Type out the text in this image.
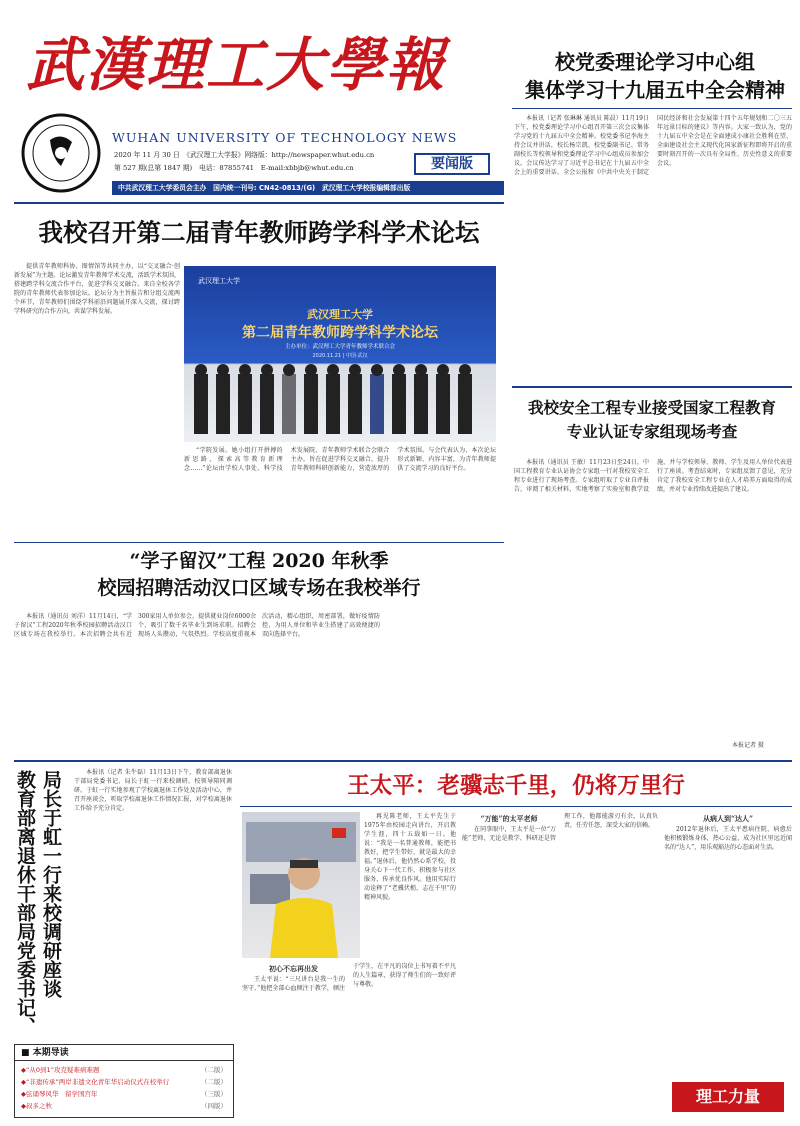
武漢理工大學報
WUHAN UNIVERSITY OF TECHNOLOGY NEWS
2020 年 11 月 30 日　《武汉理工大学报》网络版：http://newspaper.whut.edu.cn
第 527 期(总第 1847 期)　电话：87855741　E-mail:xbbjb@whut.edu.cn	要闻版
中共武汉理工大学委员会主办　国内统一刊号: CN42-0813/(G)　武汉理工大学校报编辑部出版
校党委理论学习中心组
集体学习十九届五中全会精神

本报讯（记者 张琳琳 通讯员 陈晨）11月19日下午，校党委理论学习中心组召开第三次会议集体学习党的十九届五中全会精神。校党委书记李海主持会议并讲话，校长杨宗凯、校党委副书记、常务副校长等校领导和党委理论学习中心组成员参加会议。会议传达学习了习近平总书记在十九届五中全会上的重要讲话、全会公报和《中共中央关于制定国民经济和社会发展第十四个五年规划和二〇三五年远景目标的建议》等内容。大家一致认为，党的十九届五中全会是在全面建成小康社会胜利在望、全面建设社会主义现代化国家新征程即将开启的重要时刻召开的一次具有全局性、历史性意义的重要会议。

我校召开第二届青年教师跨学科学术论坛

提供青年教师科协、图情馆等共同主办，以“交叉融合·创新发展”为主题。论坛激发青年教师学术交流，活跃学术氛围，搭建跨学科交流合作平台，促进学科交叉融合。来自全校各学院的青年教师代表参加论坛。论坛分为主旨报告和分组交流两个环节，青年教师们围绕学科前沿问题展开深入交流，探讨跨学科研究的合作方向，共谋学科发展。

武汉理工大学
武汉理工大学
第二届青年教师跨学科学术论坛
主办单位：武汉理工大学青年教师学术联合会
2020.11.21 | 中国·武汉

“学院发展。她小组打开拼搏的新思路，探索高等教育新理念……”论坛由学校人事处、科学技术发展院、青年教师学术联合会联合主办，旨在促进学科交叉融合，提升青年教师科研创新能力，营造浓厚的学术氛围。与会代表认为，本次论坛形式新颖、内容丰富，为青年教师提供了交流学习的良好平台。

我校安全工程专业接受国家工程教育
专业认证专家组现场考查

本报讯（通讯员 王敏）11月23日至24日，中国工程教育专业认证协会专家组一行对我校安全工程专业进行了现场考查。专家组听取了专业自评报告，审阅了相关材料，实地考察了实验室和教学设施，并与学校领导、教师、学生及用人单位代表进行了座谈。考查结束时，专家组反馈了意见，充分肯定了我校安全工程专业在人才培养方面取得的成绩，并对专业持续改进提出了建议。

本报记者 摄
“学子留汉”工程 2020 年秋季
校园招聘活动汉口区域专场在我校举行

本报讯（通讯员 刘洋）11月14日，“学子留汉”工程2020年秋季校园招聘活动汉口区域专场在我校举行。本次招聘会共有近300家用人单位参会，提供就业岗位6000余个，吸引了数千名毕业生到场求职。招聘会现场人头攒动，气氛热烈。学校高度重视本次活动，精心组织，周密部署，做好疫情防控，为用人单位和毕业生搭建了高效便捷的双向选择平台。

局长于虹一行来校调研座谈
教育部离退休干部局党委书记、	本报讯（记者 朱牛磊）11月13日下午，教育部离退休干部局党委书记、局长于虹一行来校调研。校领导陪同调研。于虹一行实地参观了学校离退休工作处及活动中心，并召开座谈会，听取学校离退休工作情况汇报，对学校离退休工作给予充分肯定。

王太平：老骥志千里，仍将万里行

再见陈老师，王太平先生于1975年由校园走向讲台，开启教学生涯，四十五载如一日。他说：“我是一名普通教师，能把书教好，把学生带好，就是最大的幸福。”退休后，他仍然心系学校，投身关心下一代工作，积极参与社区服务，传承优良作风。他用实际行动诠释了“老骥伏枥，志在千里”的精神风貌。

初心不忘再出发

王太平说：“三尺讲台是我一生的坚守。”他把全部心血倾注于教学，倾注于学生，在平凡的岗位上书写着不平凡的人生篇章，获得了师生们的一致好评与尊敬。

“万能”的太平老师

在同事眼中，王太平是一位“万能”老师，无论是教学、科研还是管理工作，他都能游刃有余，认真负责，任劳任怨，深受大家的信赖。

从病人到“达人”

2012年退休后，王太平患病住院，病愈后他积极锻炼身体，热心公益，成为社区里远近闻名的“达人”，用乐观豁达的心态面对生活。

理工力量
■ 本期导读
◆“从0到1”攻克疑难病难题	（二版）
◆“非遗传承”两岸非遗文化青年华启动仪式在校举行	（二版）
◆弦诵琴风华　留学国宫年	（三版）
◆叔多之秋	（四版）
